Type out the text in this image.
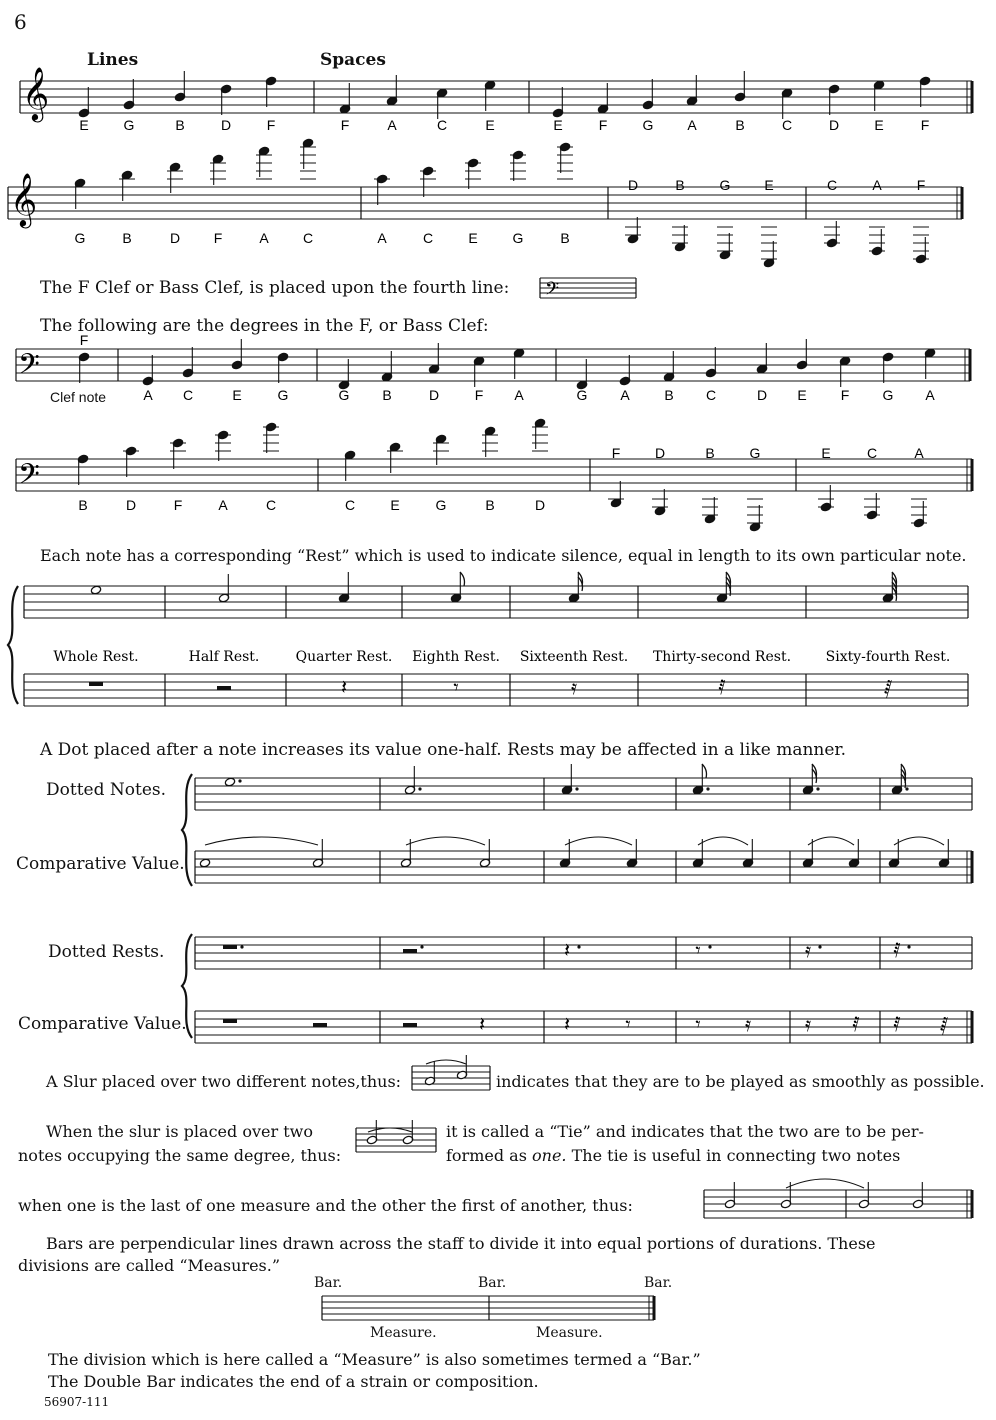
6
Lines	Spaces
The F Clef or Bass Clef, is placed upon the fourth line:
The following are the degrees in the F, or Bass Clef:
Clef note
Each note has a corresponding “Rest” which is used to indicate silence, equal in length to its own particular note.
A Dot placed after a note increases its value one-half. Rests may be affected in a like manner.
Dotted Notes.
Comparative Value.
Dotted Rests.
Comparative Value.
A Slur placed over two different notes,thus:	indicates that they are to be played as smoothly as possible.
When the slur is placed over two
notes occupying the same degree, thus:
it is called a “Tie” and indicates that the two are to be per-
formed as one. The tie is useful in connecting two notes
when one is the last of one measure and the other the first of another, thus:
Bars are perpendicular lines drawn across the staff to divide it into equal portions of durations. These
divisions are called “Measures.”
Bar.	Bar.	Bar.
Measure.	Measure.
The division which is here called a “Measure” is also sometimes termed a “Bar.”
The Double Bar indicates the end of a strain or composition.
56907-111
𝄞
E G	B	D	F	F	A	C	E	E	F	G A	B	C	D	E	F
𝄞
G	B	D F	A C	A	C	E G	B
D	B G E	C	A	F
𝄢
𝄢
F
A C	E	G	G B	D	F A	G A B C	D E F G A
𝄢
B	D	F	A	C	C	E	G	B	D
F D	B G	E	C	A
Whole Rest.	Half Rest.
𝄽
Quarter Rest.
𝄾
Eighth Rest.
𝄿
Sixteenth Rest.
𝅀
Thirty-second Rest.
𝅁
Sixty-fourth Rest.
𝄽	𝄾	𝄿	𝅀
𝄽	𝄽	𝄾	𝄾 𝄿	𝄿 𝅀 𝅀 𝅁
